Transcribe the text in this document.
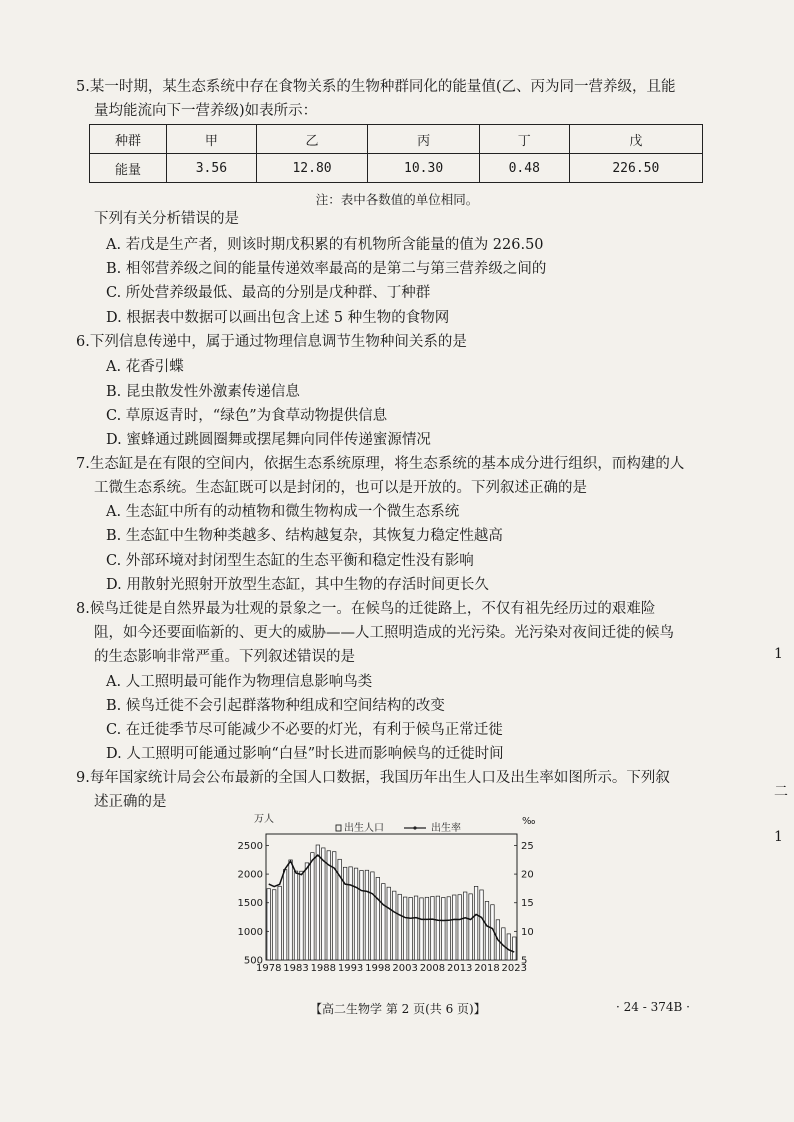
5.某一时期，某生态系统中存在食物关系的生物种群同化的能量值(乙、丙为同一营养级，且能
量均能流向下一营养级)如表所示：
种群	甲	乙	丙	丁	戊
能量	3.56	12.80	10.30	0.48	226.50
注：表中各数值的单位相同。
下列有关分析错误的是
A. 若戊是生产者，则该时期戊积累的有机物所含能量的值为 226.50
B. 相邻营养级之间的能量传递效率最高的是第二与第三营养级之间的
C. 所处营养级最低、最高的分别是戊种群、丁种群
D. 根据表中数据可以画出包含上述 5 种生物的食物网
6.下列信息传递中，属于通过物理信息调节生物种间关系的是
A. 花香引蝶
B. 昆虫散发性外激素传递信息
C. 草原返青时，“绿色”为食草动物提供信息
D. 蜜蜂通过跳圆圈舞或摆尾舞向同伴传递蜜源情况
7.生态缸是在有限的空间内，依据生态系统原理，将生态系统的基本成分进行组织，而构建的人
工微生态系统。生态缸既可以是封闭的，也可以是开放的。下列叙述正确的是
A. 生态缸中所有的动植物和微生物构成一个微生态系统
B. 生态缸中生物种类越多、结构越复杂，其恢复力稳定性越高
C. 外部环境对封闭型生态缸的生态平衡和稳定性没有影响
D. 用散射光照射开放型生态缸，其中生物的存活时间更长久
8.候鸟迁徙是自然界最为壮观的景象之一。在候鸟的迁徙路上，不仅有祖先经历过的艰难险
阻，如今还要面临新的、更大的威胁——人工照明造成的光污染。光污染对夜间迁徙的候鸟
的生态影响非常严重。下列叙述错误的是
A. 人工照明最可能作为物理信息影响鸟类
B. 候鸟迁徙不会引起群落物种组成和空间结构的改变
C. 在迁徙季节尽可能减少不必要的灯光，有利于候鸟正常迁徙
D. 人工照明可能通过影响“白昼”时长进而影响候鸟的迁徙时间
9.每年国家统计局会公布最新的全国人口数据，我国历年出生人口及出生率如图所示。下列叙
述正确的是
万人	‰
出生人口	出生率
500
1000
1500
2000
2500
5
10
15
20
25
1978 1983 1988 1993 1998 2003 2008 2013 2018 2023
1
二
1
【高二生物学 第 2 页(共 6 页)】	· 24 - 374B ·
